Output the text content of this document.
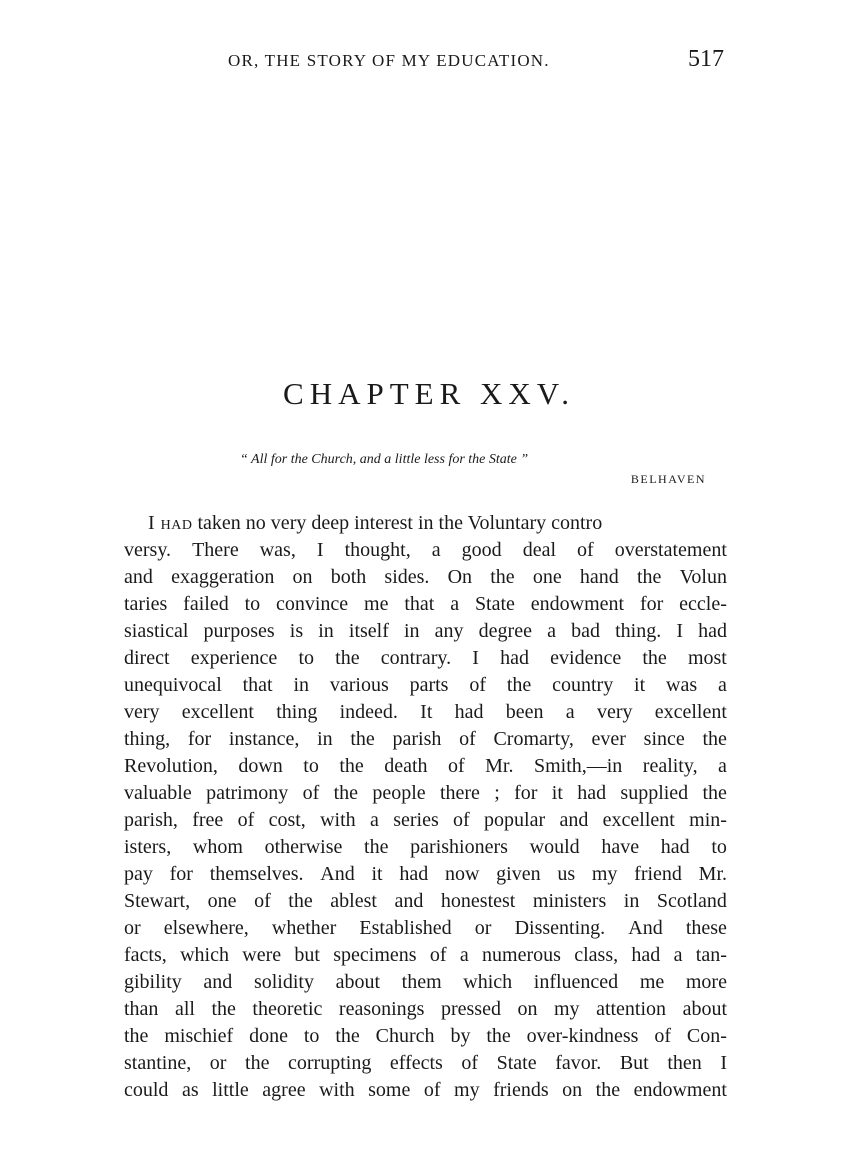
OR, THE STORY OF MY EDUCATION.	517
CHAPTER XXV.
“ All for the Church, and a little less for the State ”
BELHAVEN
I had taken no very deep interest in the Voluntary contro
versy. There was, I thought, a good deal of overstatement
and exaggeration on both sides. On the one hand the Volun
taries failed to convince me that a State endowment for eccle-
siastical purposes is in itself in any degree a bad thing. I had
direct experience to the contrary. I had evidence the most
unequivocal that in various parts of the country it was a
very excellent thing indeed. It had been a very excellent
thing, for instance, in the parish of Cromarty, ever since the
Revolution, down to the death of Mr. Smith,—in reality, a
valuable patrimony of the people there ; for it had supplied the
parish, free of cost, with a series of popular and excellent min-
isters, whom otherwise the parishioners would have had to
pay for themselves. And it had now given us my friend Mr.
Stewart, one of the ablest and honestest ministers in Scotland
or elsewhere, whether Established or Dissenting. And these
facts, which were but specimens of a numerous class, had a tan-
gibility and solidity about them which influenced me more
than all the theoretic reasonings pressed on my attention about
the mischief done to the Church by the over-kindness of Con-
stantine, or the corrupting effects of State favor. But then I
could as little agree with some of my friends on the endowment
